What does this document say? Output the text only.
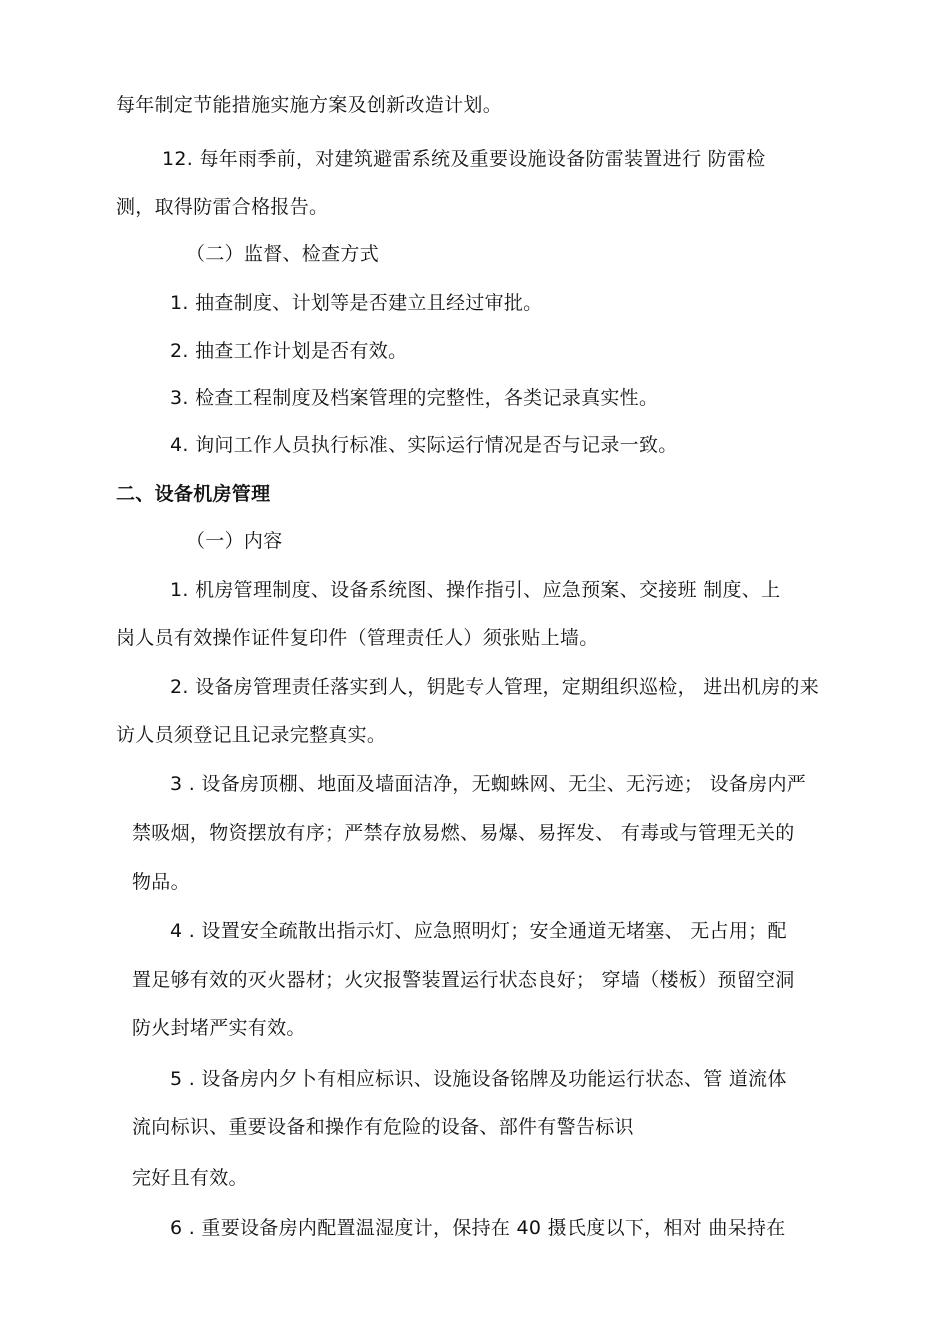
每年制定节能措施实施方案及创新改造计划。
12. 每年雨季前，对建筑避雷系统及重要设施设备防雷装置进行 防雷检
测，取得防雷合格报告。
（二）监督、检查方式
1. 抽查制度、计划等是否建立且经过审批。
2. 抽查工作计划是否有效。
3. 检查工程制度及档案管理的完整性，各类记录真实性。
4. 询问工作人员执行标准、实际运行情况是否与记录一致。
二、设备机房管理
（一）内容
1. 机房管理制度、设备系统图、操作指引、应急预案、交接班 制度、上
岗人员有效操作证件复印件（管理责任人）须张贴上墙。
2. 设备房管理责任落实到人，钥匙专人管理，定期组织巡检， 进出机房的来
访人员须登记且记录完整真实。
3 . 设备房顶棚、地面及墙面洁净，无蜘蛛网、无尘、无污迹； 设备房内严
禁吸烟，物资摆放有序；严禁存放易燃、易爆、易挥发、 有毒或与管理无关的
物品。
4 . 设置安全疏散出指示灯、应急照明灯；安全通道无堵塞、 无占用；配
置足够有效的灭火器材；火灾报警装置运行状态良好； 穿墙（楼板）预留空洞
防火封堵严实有效。
5 . 设备房内夕卜有相应标识、设施设备铭牌及功能运行状态、管 道流体
流向标识、重要设备和操作有危险的设备、部件有警告标识
完好且有效。
6 . 重要设备房内配置温湿度计，保持在 40 摄氏度以下，相对 曲呆持在
